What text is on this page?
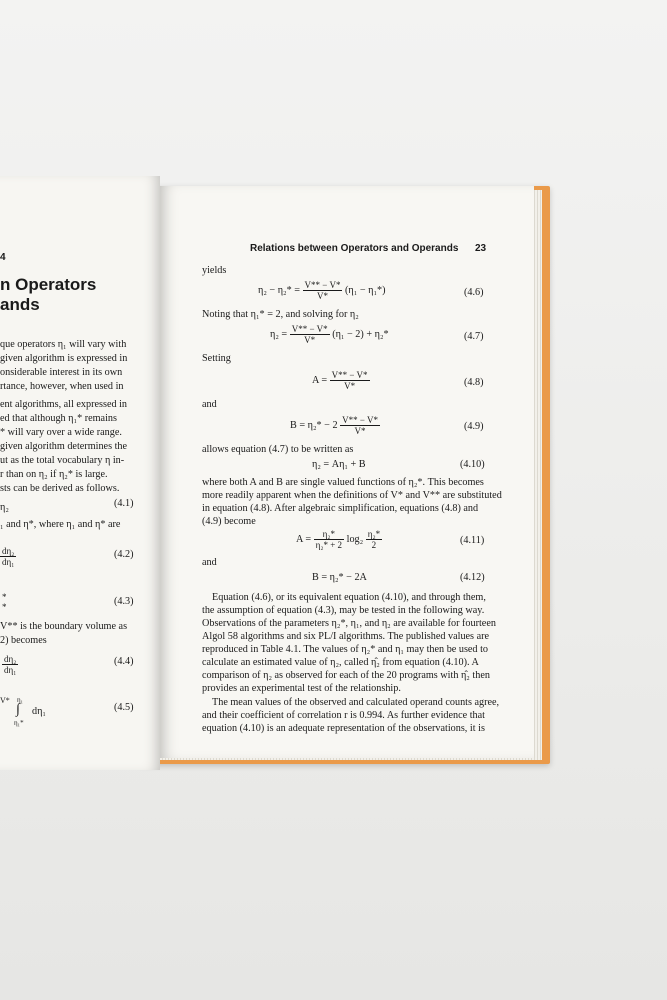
4
n Operators
ands
que operators η₁ will vary with
given algorithm is expressed in
onsiderable interest in its own
rtance, however, when used in
ent algorithms, all expressed in
ed that although η₁* remains
* will vary over a wide range.
given algorithm determines the
ut as the total vocabulary η in-
r than on η₂ if η₂* is large.
sts can be derived as follows.
η₂	(4.1)
₁ and η*, where η₁ and η* are
$\frac{\text{dη₂}}{\text{dη₁}}$	(4.2)
*
*	(4.3)
V** is the boundary volume as
2) becomes
$\frac{\text{dη₂}}{\text{dη₁}}$	(4.4)
V* η₁
∫
η₁*
dη₁	(4.5)
Relations between Operators and Operands 23
yields
$\eta_2 - \eta_2* = \frac{V** - V*}{V*} (\eta_1 - \eta_1*)$	(4.6)
Noting that η₁* = 2, and solving for η₂
$\eta_2 = \frac{V** - V*}{V*} (\eta_1 - 2) + \eta_2*$	(4.7)
Setting
$A = \frac{V** - V*}{V*}$	(4.8)
and
$B = \eta_2* - 2 \frac{V** - V*}{V*}$	(4.9)
allows equation (4.7) to be written as
η₂ = Aη₁ + B	(4.10)
where both A and B are single valued functions of η₂*. This becomes
more readily apparent when the definitions of V* and V** are substituted
in equation (4.8). After algebraic simplification, equations (4.8) and
(4.9) become
$A = \frac{\text{η₂*}}{\text{η₂* + 2}} \log_2 \frac{\text{η₂*}}{2}$	(4.11)
and
B = η₂* − 2A	(4.12)
Equation (4.6), or its equivalent equation (4.10), and through them,
the assumption of equation (4.3), may be tested in the following way.
Observations of the parameters η₂*, η₁, and η₂ are available for fourteen
Algol 58 algorithms and six PL/I algorithms. The published values are
reproduced in Table 4.1. The values of η₂* and η₁ may then be used to
calculate an estimated value of η₂, called η̂₂ from equation (4.10). A
comparison of η₂ as observed for each of the 20 programs with η̂₂ then
provides an experimental test of the relationship.
The mean values of the observed and calculated operand counts agree,
and their coefficient of correlation r is 0.994. As further evidence that
equation (4.10) is an adequate representation of the observations, it is
